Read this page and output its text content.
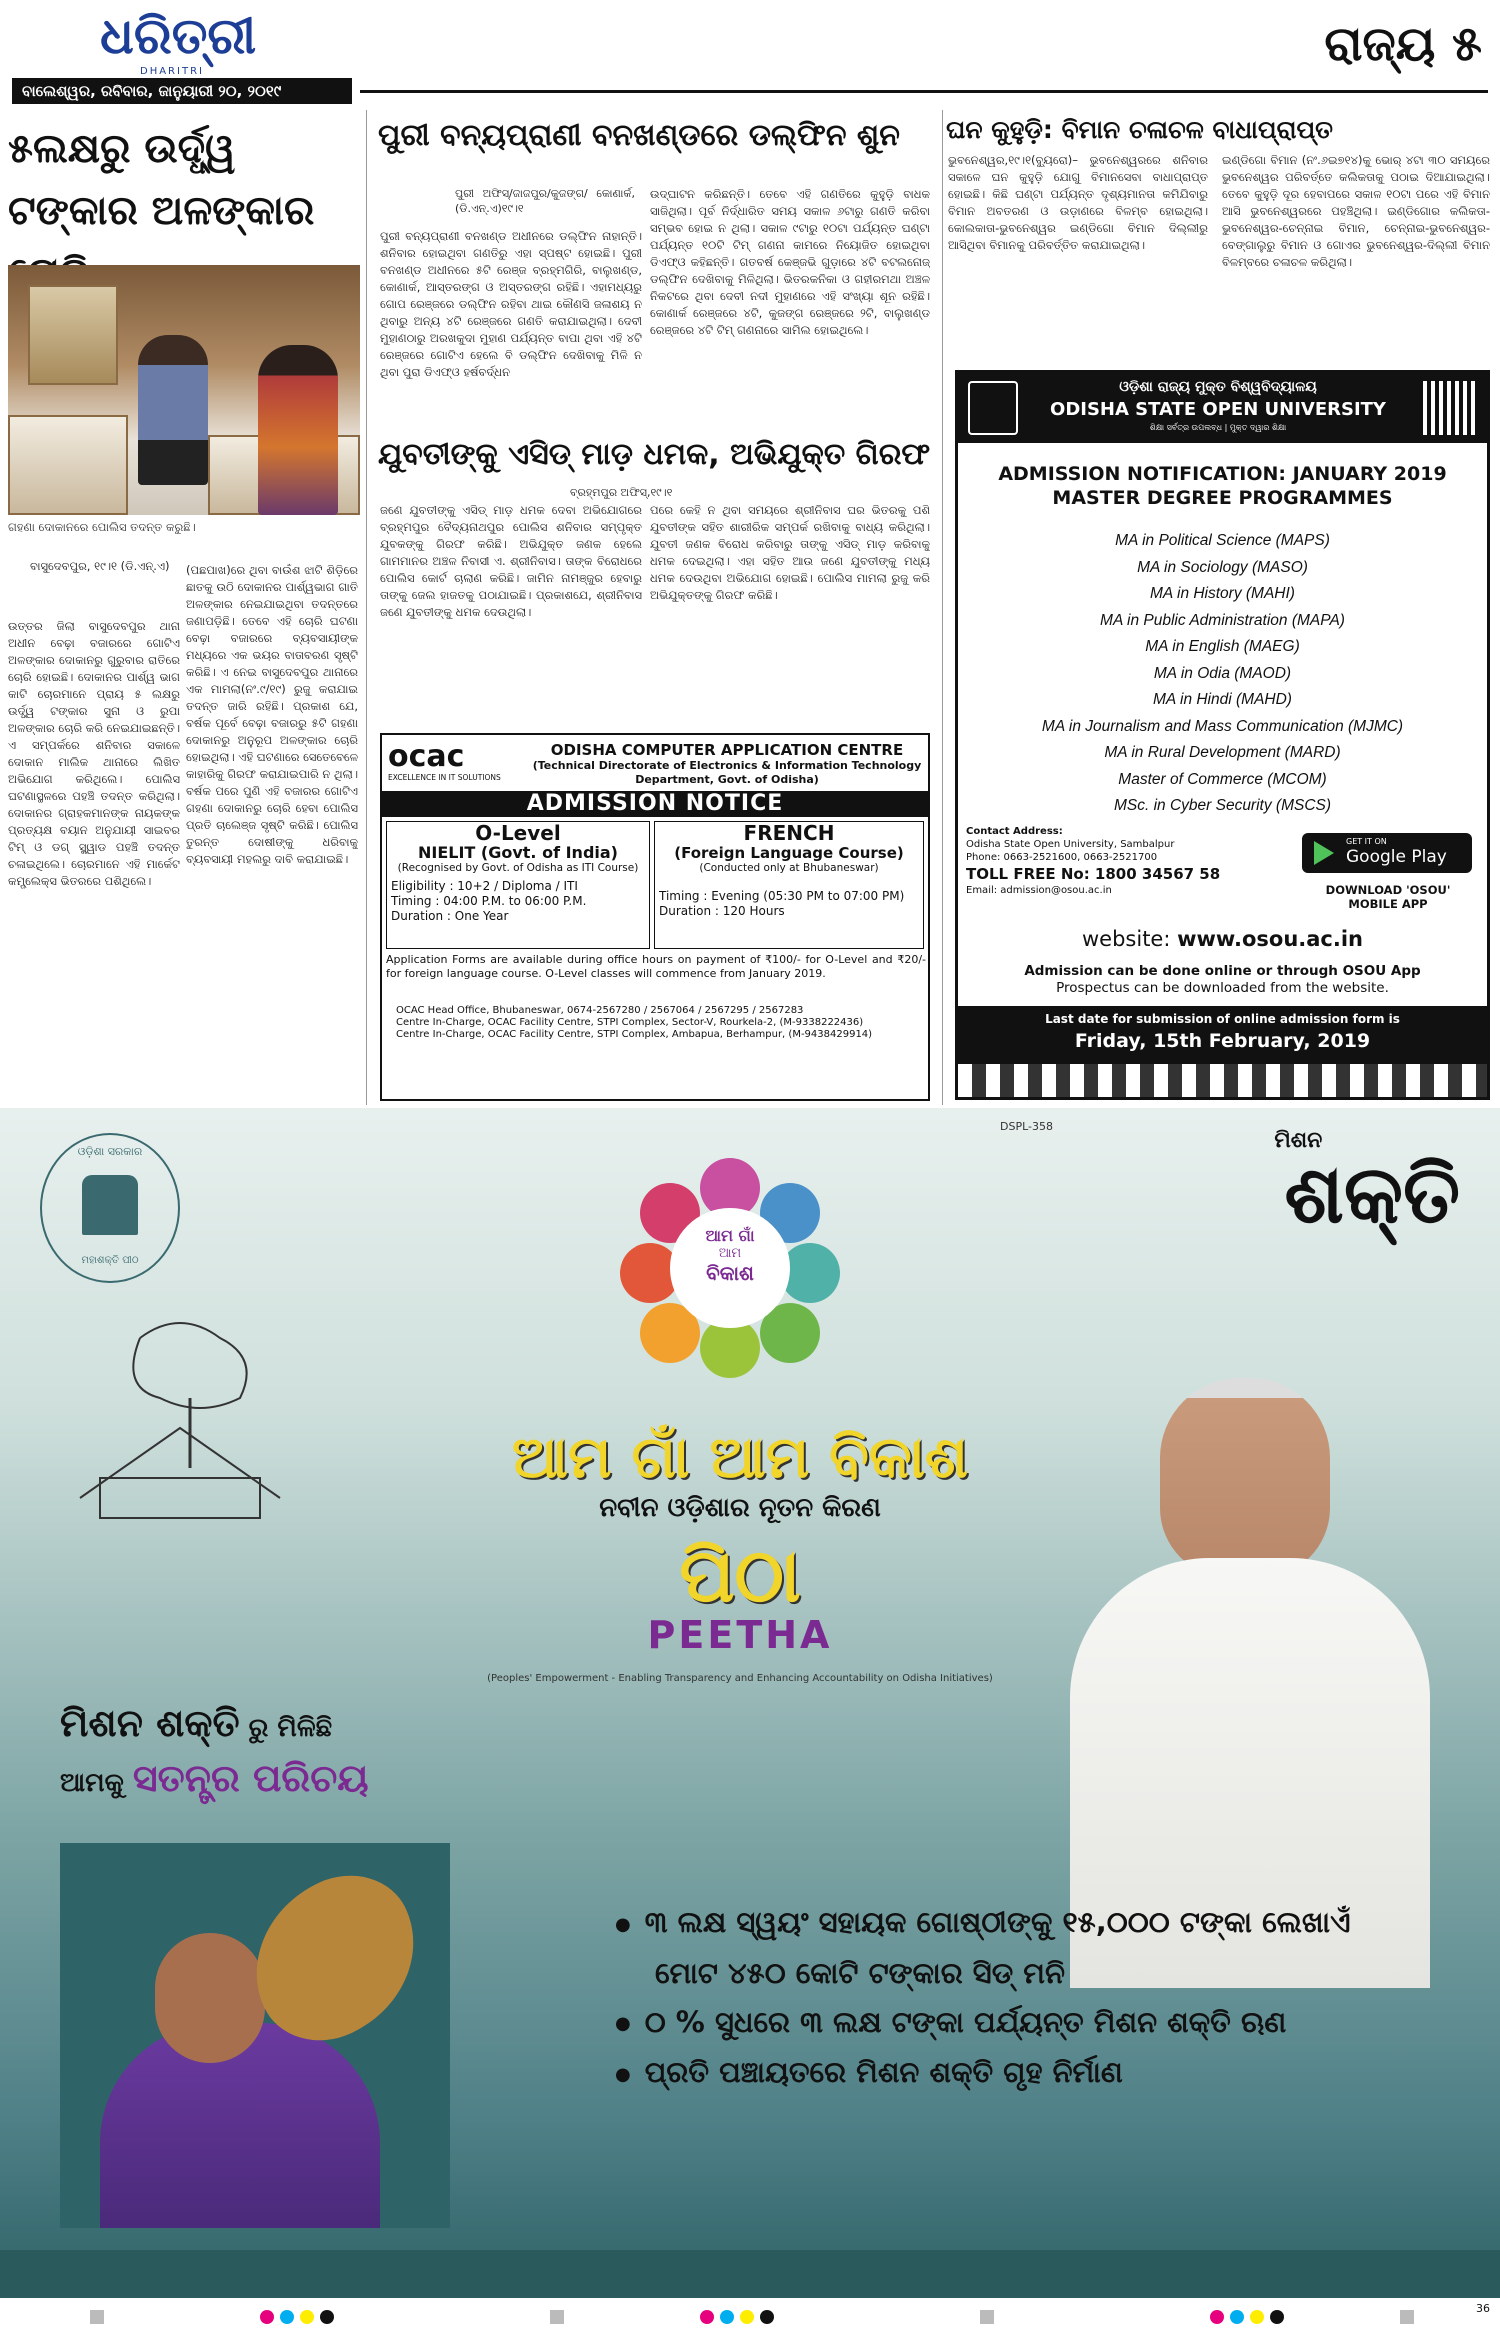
ଧରିତ୍ରୀ
DHARITRI
ବାଲେଶ୍ୱର, ରବିବାର, ଜାନୁୟାରୀ ୨୦, ୨୦୧୯
ରାଜ୍ୟ ୫
୫ଲକ୍ଷରୁ ଉର୍ଦ୍ଧ୍ୱ ଟଙ୍କାର ଅଳଙ୍କାର
ଗହଣା ଦୋକାନରେ ପୋଲିସ ତଦନ୍ତ କରୁଛି।
ବାସୁଦେବପୁର, ୧୯।୧ (ଡି.ଏନ୍.ଏ)
ଉତ୍ତର ଜିଲା ବାସୁଦେବପୁର ଥାନା ଅଧୀନ ବେଢ଼ା ବଜାରରେ ଗୋଟିଏ ଅଳଙ୍କାର ଦୋକାନରୁ ଗୁରୁବାର ରାତିରେ ଚୋରି ହୋଇଛି। ଦୋକାନର ପାର୍ଶ୍ୱ ଭାଗ କାଟି ଚୋରମାନେ ପ୍ରାୟ ୫ ଲକ୍ଷରୁ ଉର୍ଦ୍ଧ୍ୱ ଟଙ୍କାର ସୁନା ଓ ରୁପା ଅଳଙ୍କାର ଚୋରି କରି ନେଇଯାଇଛନ୍ତି। ଏ ସମ୍ପର୍କରେ ଶନିବାର ସକାଳେ ଦୋକାନ ମାଲିକ ଥାନାରେ ଲିଖିତ ଅଭିଯୋଗ କରିଥିଲେ। ପୋଲିସ ଘଟଣାସ୍ଥଳରେ ପହଞ୍ଚି ତଦନ୍ତ କରିଥିଲା। ଦୋକାନର ଗ୍ରାହକମାନଙ୍କ ନାୟକଙ୍କ ପ୍ରତ୍ୟକ୍ଷ ବୟାନ ଅନୁଯାୟୀ ସାଇବର ଟିମ୍ ଓ ଡଗ୍ ସ୍କ୍ୱାଡ ପହଞ୍ଚି ତଦନ୍ତ ଚଳାଇଥିଲେ। ଚୋରମାନେ ଏହି ମାର୍କେଟ କମ୍ପ୍ଲେକ୍ସ ଭିତରରେ ପଶିଥିଲେ।
(ପଛପାଖ)ରେ ଥିବା ବାଉଁଶ ଝାଟି ଶିଡ଼ିରେ ଛାତକୁ ଉଠି ଦୋକାନର ପାର୍ଶ୍ୱଭାଗ ଗାତି ଅଳଙ୍କାର ନେଇଯାଇଥିବା ତଦନ୍ତରେ ଜଣାପଡ଼ିଛି। ତେବେ ଏହି ଚୋରି ଘଟଣା ବେଢ଼ା ବଜାରରେ ବ୍ୟବସାୟୀଙ୍କ ମଧ୍ୟରେ ଏକ ଭୟର ବାତାବରଣ ସୃଷ୍ଟି କରିଛି। ଏ ନେଇ ବାସୁଦେବପୁର ଥାନାରେ ଏକ ମାମଲା(ନଂ.୯/୧୯) ରୁଜୁ କରାଯାଇ ତଦନ୍ତ ଜାରି ରହିଛି। ପ୍ରକାଶ ଯେ, ବର୍ଷକ ପୂର୍ବେ ବେଢ଼ା ବଜାରରୁ ୫ଟି ଗହଣା ଦୋକାନରୁ ଅନୁରୂପ ଅଳଙ୍କାର ଚୋରି ହୋଇଥିଲା। ଏହି ଘଟଣାରେ ସେତେବେଳେ କାହାରିକୁ ଗିରଫ କରାଯାଇପାରି ନ ଥିଲା। ବର୍ଷକ ପରେ ପୁଣି ଏହି ବଜାରର ଗୋଟିଏ ଗହଣା ଦୋକାନରୁ ଚୋରି ହେବା ପୋଲିସ ପ୍ରତି ଚାଲେଞ୍ଜ ସୃଷ୍ଟି କରିଛି। ପୋଲିସ ତୁରନ୍ତ ଦୋଷୀଙ୍କୁ ଧରିବାକୁ ବ୍ୟବସାୟୀ ମହଲରୁ ଦାବି କରାଯାଇଛି।
ପୁରୀ ବନ୍ୟପ୍ରାଣୀ ବନଖଣ୍ଡରେ ଡଲ୍‌ଫିନ ଶୁନ
ପୁରୀ ଅଫିସ୍/ଜାଜପୁର/କୁଜଙ୍ଗ/ କୋଣାର୍କ,(ଡି.ଏନ୍.ଏ)୧୯।୧
ପୁରୀ ବନ୍ୟପ୍ରାଣୀ ବନଖଣ୍ଡ ଅଧୀନରେ ଡଲ୍‌ଫିନ ନାହାନ୍ତି। ଶନିବାର ହୋଇଥିବା ଗଣତିରୁ ଏହା ସ୍ପଷ୍ଟ ହୋଇଛି। ପୁରୀ ବନଖଣ୍ଡ ଅଧୀନରେ ୫ଟି ରେଞ୍ଜ ବ୍ରହ୍ମଗିରି, ବାଲୁଖଣ୍ଡ, କୋଣାର୍କ, ଆସ୍ତରଙ୍ଗ ଓ ଅସ୍ତରଙ୍ଗ ରହିଛି। ଏହାମଧ୍ୟରୁ ଗୋପ ରେଞ୍ଜରେ ଡଲ୍‌ଫିନ ରହିବା ଥାଇ କୌଣସି ଜଳାଶୟ ନ ଥିବାରୁ ଅନ୍ୟ ୪ଟି ରେଞ୍ଜରେ ଗଣତି କରାଯାଇଥିଲା। ଦେବୀ ମୁହାଣଠାରୁ ଅରଖକୁଦା ମୁହାଣ ପର୍ଯ୍ୟନ୍ତ ବାପା ଥିବା ଏହି ୪ଟି ରେଞ୍ଜରେ ଗୋଟିଏ ହେଲେ ବି ଡଲ୍‌ଫିନ ଦେଖିବାକୁ ମିଳି ନ ଥିବା ପୁରା ଡିଏଫ୍‌ଓ ହର୍ଷବର୍ଦ୍ଧନ
ଉଦ୍‌ଘାଟନ କରିଛନ୍ତି। ତେବେ ଏହି ଗଣତିରେ କୁହୁଡ଼ି ବାଧକ ସାଜିଥିଲା। ପୂର୍ବ ନିର୍ଦ୍ଧାରିତ ସମୟ ସକାଳ ୬ଟାରୁ ଗଣତି କରିବା ସମ୍ଭବ ହୋଇ ନ ଥିଲା। ସକାଳ ୯ଟାରୁ ୧୦ଟା ପର୍ଯ୍ୟନ୍ତ ଘଣ୍ଟା ପର୍ଯ୍ୟନ୍ତ ୧୦ଟି ଟିମ୍ ଗଣନା କାମରେ ନିୟୋଜିତ ହୋଇଥିବା ଡିଏଫ୍‌ଓ କହିଛନ୍ତି। ଗତବର୍ଷ କେଞ୍ଜଭି ଗୁଡ଼ାରେ ୪ଟି ବଟଲନୋଜ୍ ଡଲ୍‌ଫିନ ଦେଖିବାକୁ ମିଳିଥିଲା। ଭିତରକନିକା ଓ ଗହୀରମଥା ଅଞ୍ଚଳ ନିକଟରେ ଥିବା ଦେବୀ ନଦୀ ମୁହାଣରେ ଏହି ସଂଖ୍ୟା ଶୂନ ରହିଛି। କୋଣାର୍କ ରେଞ୍ଜରେ ୪ଟି, କୁଜଙ୍ଗ ରେଞ୍ଜରେ ୨ଟି, ବାଲୁଖଣ୍ଡ ରେଞ୍ଜରେ ୪ଟି ଟିମ୍ ଗଣନାରେ ସାମିଲ ହୋଇଥିଲେ।
ଘନ କୁହୁଡ଼ି: ବିମାନ ଚଳାଚଳ ବାଧାପ୍ରାପ୍ତ
ଭୁବନେଶ୍ୱର,୧୯।୧(ବ୍ୟୁରୋ)– ଭୁବନେଶ୍ୱରରେ ଶନିବାର ସକାଳେ ଘନ କୁହୁଡ଼ି ଯୋଗୁ ବିମାନସେବା ବାଧାପ୍ରାପ୍ତ ହୋଇଛି। କିଛି ଘଣ୍ଟା ପର୍ଯ୍ୟନ୍ତ ଦୃଶ୍ୟମାନତା କମିଯିବାରୁ ବିମାନ ଅବତରଣ ଓ ଉଡ଼ାଣରେ ବିଳମ୍ବ ହୋଇଥିଲା। କୋଲକାତା-ଭୁବନେଶ୍ୱର ଇଣ୍ଡିଗୋ ବିମାନ ଦିଲ୍ଲୀରୁ ଆସିଥିବା ବିମାନକୁ ପରିବର୍ତ୍ତିତ କରାଯାଇଥିଲା।
ଇଣ୍ଡିଗୋ ବିମାନ (ନଂ.୬ଇ୭୧୪)କୁ ଭୋର୍ ୪ଟା ୩୦ ସମୟରେ ଭୁବନେଶ୍ୱର ପରିବର୍ତ୍ତେ କଲିକତାକୁ ପଠାଇ ଦିଆଯାଇଥିଲା। ତେବେ କୁହୁଡ଼ି ଦୂର ହେବାପରେ ସକାଳ ୧୦ଟା ପରେ ଏହି ବିମାନ ଆସି ଭୁବନେଶ୍ୱରରେ ପହଞ୍ଚିଥିଲା। ଇଣ୍ଡିଗୋର କଲିକତା-ଭୁବନେଶ୍ୱର-ଚେନ୍ନାଇ ବିମାନ, ଚେନ୍ନାଇ-ଭୁବନେଶ୍ୱର-ବେଙ୍ଗାଲୁରୁ ବିମାନ ଓ ଗୋଏର ଭୁବନେଶ୍ୱର-ଦିଲ୍ଲୀ ବିମାନ ବିଳମ୍ବରେ ଚଳାଚଳ କରିଥିଲା।
ଯୁବତୀଙ୍କୁ ଏସିଡ୍ ମାଡ଼ ଧମକ, ଅଭିଯୁକ୍ତ ଗିରଫ
ବ୍ରହ୍ମପୁର ଅଫିସ୍,୧୯।୧
ଜଣେ ଯୁବତୀଙ୍କୁ ଏସିଡ୍ ମାଡ଼ ଧମକ ଦେବା ଅଭିଯୋଗରେ ବ୍ରହ୍ମପୁର ବୈଦ୍ୟନାଥପୁର ପୋଲିସ ଶନିବାର ସମ୍ପୃକ୍ତ ଯୁବକଙ୍କୁ ଗିରଫ କରିଛି। ଅଭିଯୁକ୍ତ ଜଣକ ହେଲେ ଗାମମାନର ଅଞ୍ଚଳ ନିବାସୀ ଏ. ଶ୍ରୀନିବାସ। ତାଙ୍କ ବିରୋଧରେ ପୋଲିସ କୋର୍ଟ ଚାଲାଣ କରିଛି। ଜାମିନ ନାମଞ୍ଜୁର ହେବାରୁ ତାଙ୍କୁ ଜେଲ ହାଜତକୁ ପଠାଯାଇଛି। ପ୍ରକାଶଯେ, ଶ୍ରୀନିବାସ ଜଣେ ଯୁବତୀଙ୍କୁ ଧମକ ଦେଉଥିଲା।
ପରେ କେହି ନ ଥିବା ସମୟରେ ଶ୍ରୀନିବାସ ଘର ଭିତରକୁ ପଶି ଯୁବତୀଙ୍କ ସହିତ ଶାରୀରିକ ସମ୍ପର୍କ ରଖିବାକୁ ବାଧ୍ୟ କରିଥିଲା। ଯୁବତୀ ଜଣକ ବିରୋଧ କରିବାରୁ ତାଙ୍କୁ ଏସିଡ୍ ମାଡ଼ କରିବାକୁ ଧମକ ଦେଇଥିଲା। ଏହା ସହିତ ଆଉ ଜଣେ ଯୁବତୀଙ୍କୁ ମଧ୍ୟ ଧମକ ଦେଉଥିବା ଅଭିଯୋଗ ହୋଇଛି। ପୋଲିସ ମାମଲା ରୁଜୁ କରି ଅଭିଯୁକ୍ତଙ୍କୁ ଗିରଫ କରିଛି।
ocac
EXCELLENCE IN IT SOLUTIONS
ODISHA COMPUTER APPLICATION CENTRE
(Technical Directorate of Electronics & Information Technology Department, Govt. of Odisha)
ADMISSION NOTICE
O-Level
NIELIT (Govt. of India)
(Recognised by Govt. of Odisha as ITI Course)
Eligibility : 10+2 / Diploma / ITI
Timing : 04:00 P.M. to 06:00 P.M.
Duration : One Year
FRENCH
(Foreign Language Course)
(Conducted only at Bhubaneswar)
Timing : Evening (05:30 PM to 07:00 PM)
Duration : 120 Hours
Application Forms are available during office hours on payment of ₹100/- for O-Level and ₹20/- for foreign language course. O-Level classes will commence from January 2019.
OCAC Head Office, Bhubaneswar, 0674-2567280 / 2567064 / 2567295 / 2567283
Centre In-Charge, OCAC Facility Centre, STPI Complex, Sector-V, Rourkela-2, (M-9338222436)
Centre In-Charge, OCAC Facility Centre, STPI Complex, Ambapua, Berhampur, (M-9438429914)
ଓଡ଼ିଶା ରାଜ୍ୟ ମୁକ୍ତ ବିଶ୍ୱବିଦ୍ୟାଳୟ
ODISHA STATE OPEN UNIVERSITY
ଶିକ୍ଷା ସର୍ବତ୍ର ଉପଲବ୍ଧ | ମୁକ୍ତ ଦ୍ୱାର ଶିକ୍ଷା
ADMISSION NOTIFICATION: JANUARY 2019
MASTER DEGREE PROGRAMMES
MA in Political Science (MAPS)
MA in Sociology (MASO)
MA in History (MAHI)
MA in Public Administration (MAPA)
MA in English (MAEG)
MA in Odia (MAOD)
MA in Hindi (MAHD)
MA in Journalism and Mass Communication (MJMC)
MA in Rural Development (MARD)
Master of Commerce (MCOM)
MSc. in Cyber Security (MSCS)
Contact Address:
Odisha State Open University, Sambalpur
Phone: 0663-2521600, 0663-2521700
TOLL FREE No: 1800 34567 58
Email: admission@osou.ac.in
GET IT ON
Google Play
DOWNLOAD 'OSOU'
MOBILE APP
website: www.osou.ac.in
Admission can be done online or through OSOU App
Prospectus can be downloaded from the website.
Last date for submission of online admission form is
Friday, 15th February, 2019
DSPL-358
ଓଡ଼ିଶା ସରକାର
ମହାଶକ୍ତି ପୀଠ
ମିଶନ
ଶକ୍ତି
ଆମ ଗାଁ
ଆମ
ବିକାଶ
ଆମ ଗାଁ ଆମ ବିକାଶ
ନବୀନ ଓଡ଼ିଶାର ନୂତନ କିରଣ
ପିଠା
PEETHA
(Peoples' Empowerment - Enabling Transparency and Enhancing Accountability on Odisha Initiatives)
ମିଶନ ଶକ୍ତି ରୁ ମିଳିଛି
ଆମକୁ ସତନ୍ତ୍ର ପରିଚୟ
● ୩ ଲକ୍ଷ ସ୍ୱୟଂ ସହାୟକ ଗୋଷ୍ଠୀଙ୍କୁ ୧୫,୦୦୦ ଟଙ୍କା ଲେଖାଏଁ
ମୋଟ ୪୫୦ କୋଟି ଟଙ୍କାର ସିଡ୍ ମନି
● ୦ % ସୁଧରେ ୩ ଲକ୍ଷ ଟଙ୍କା ପର୍ଯ୍ୟନ୍ତ ମିଶନ ଶକ୍ତି ଋଣ
● ପ୍ରତି ପଞ୍ଚାୟତରେ ମିଶନ ଶକ୍ତି ଗୃହ ନିର୍ମାଣ
36
